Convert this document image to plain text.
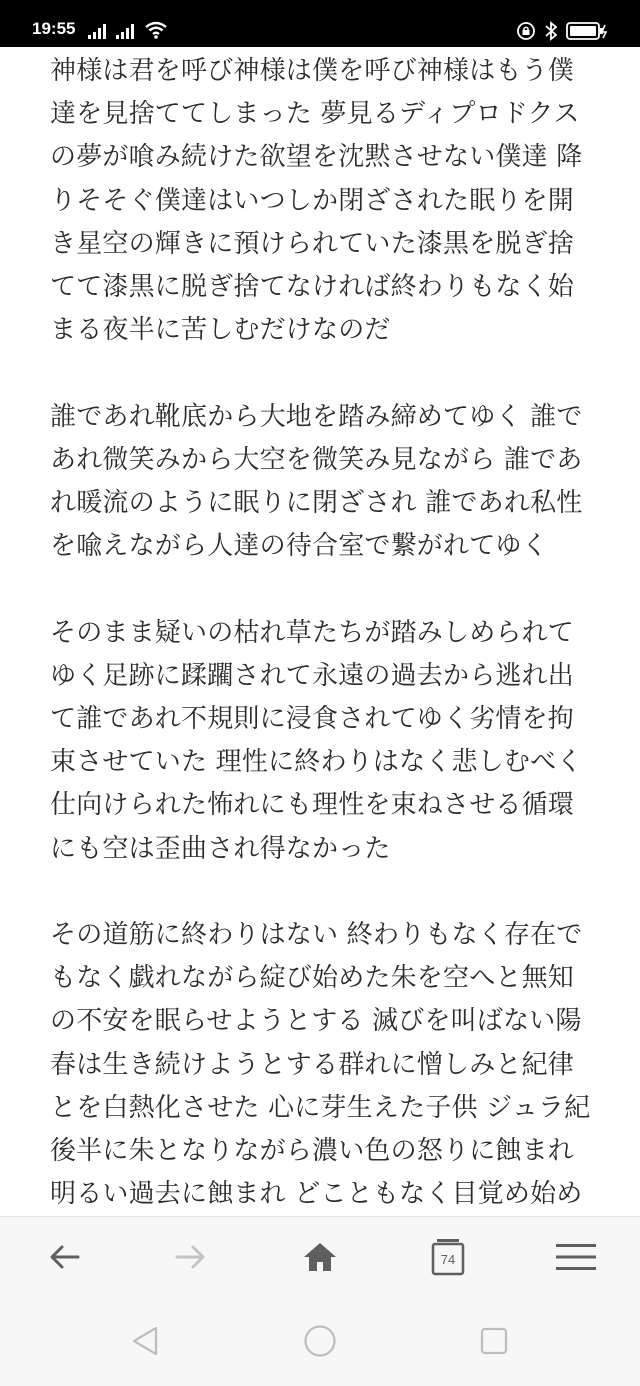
19:55

神様は君を呼び神様は僕を呼び神様はもう僕達を見捨ててしまった 夢見るディプロドクスの夢が喰み続けた欲望を沈黙させない僕達 降りそそぐ僕達はいつしか閉ざされた眠りを開き星空の輝きに預けられていた漆黒を脱ぎ捨てて漆黒に脱ぎ捨てなければ終わりもなく始まる夜半に苦しむだけなのだ

誰であれ靴底から大地を踏み締めてゆく 誰であれ微笑みから大空を微笑み見ながら 誰であれ暖流のように眠りに閉ざされ 誰であれ私性を喩えながら人達の待合室で繋がれてゆく

そのまま疑いの枯れ草たちが踏みしめられてゆく足跡に蹂躙されて永遠の過去から逃れ出て誰であれ不規則に浸食されてゆく劣情を拘束させていた 理性に終わりはなく悲しむべく仕向けられた怖れにも理性を束ねさせる循環にも空は歪曲され得なかった

その道筋に終わりはない 終わりもなく存在でもなく戯れながら綻び始めた朱を空へと無知の不安を眠らせようとする 滅びを叫ばない陽春は生き続けようとする群れに憎しみと紀律とを白熱化させた 心に芽生えた子供 ジュラ紀後半に朱となりながら濃い色の怒りに蝕まれ 明るい過去に蝕まれ どこともなく目覚め始め

74
